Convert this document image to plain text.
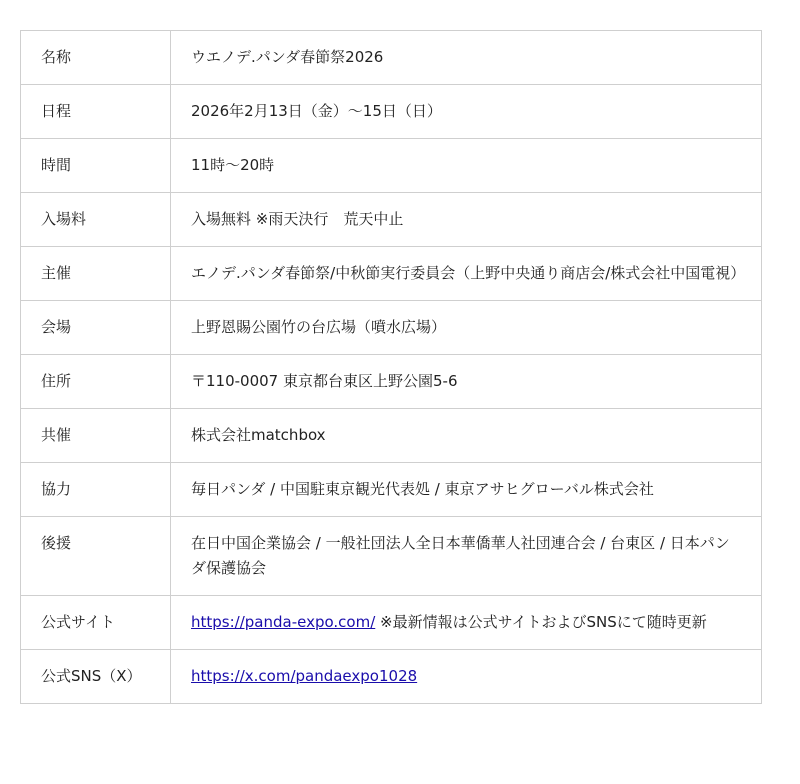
名称	ウエノデ.パンダ春節祭2026
日程	2026年2月13日（金）〜15日（日）
時間	11時〜20時
入場料	入場無料 ※雨天決行　荒天中止
主催	エノデ.パンダ春節祭/中秋節実行委員会（上野中央通り商店会/株式会社中国電視）
会場	上野恩賜公園竹の台広場（噴水広場）
住所	〒110-0007 東京都台東区上野公園5-6
共催	株式会社matchbox
協力	毎日パンダ / 中国駐東京観光代表処 / 東京アサヒグローバル株式会社
後援	在日中国企業協会 / 一般社団法人全日本華僑華人社団連合会 / 台東区 / 日本パンダ保護協会
公式サイト	https://panda-expo.com/ ※最新情報は公式サイトおよびSNSにて随時更新
公式SNS（X）	https://x.com/pandaexpo1028
